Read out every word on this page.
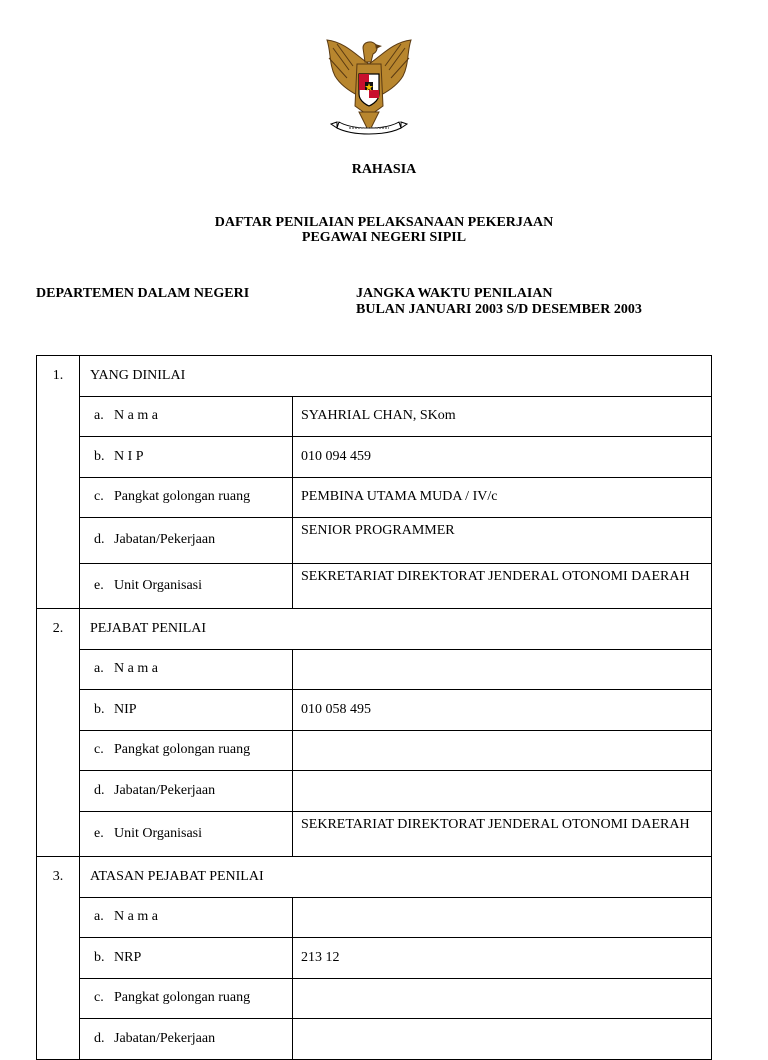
RAHASIA
DAFTAR PENILAIAN PELAKSANAAN PEKERJAAN
PEGAWAI NEGERI SIPIL
DEPARTEMEN DALAM NEGERI	JANGKA WAKTU PENILAIAN
BULAN JANUARI 2003 S/D DESEMBER 2003
1.	YANG DINILAI	
	a. N a m a	SYAHRIAL CHAN, SKom
	b. N I P	010 094 459
	c. Pangkat golongan ruang	PEMBINA UTAMA MUDA / IV/c
	d. Jabatan/Pekerjaan	SENIOR PROGRAMMER
	e. Unit Organisasi	SEKRETARIAT DIREKTORAT JENDERAL OTONOMI DAERAH
2.	PEJABAT PENILAI	
	a. N a m a	
	b. NIP	010 058 495
	c. Pangkat golongan ruang	
	d. Jabatan/Pekerjaan	
	e. Unit Organisasi	SEKRETARIAT DIREKTORAT JENDERAL OTONOMI DAERAH
3.	ATASAN PEJABAT PENILAI	
	a. N a m a	
	b. NRP	213 12
	c. Pangkat golongan ruang	
	d. Jabatan/Pekerjaan	
